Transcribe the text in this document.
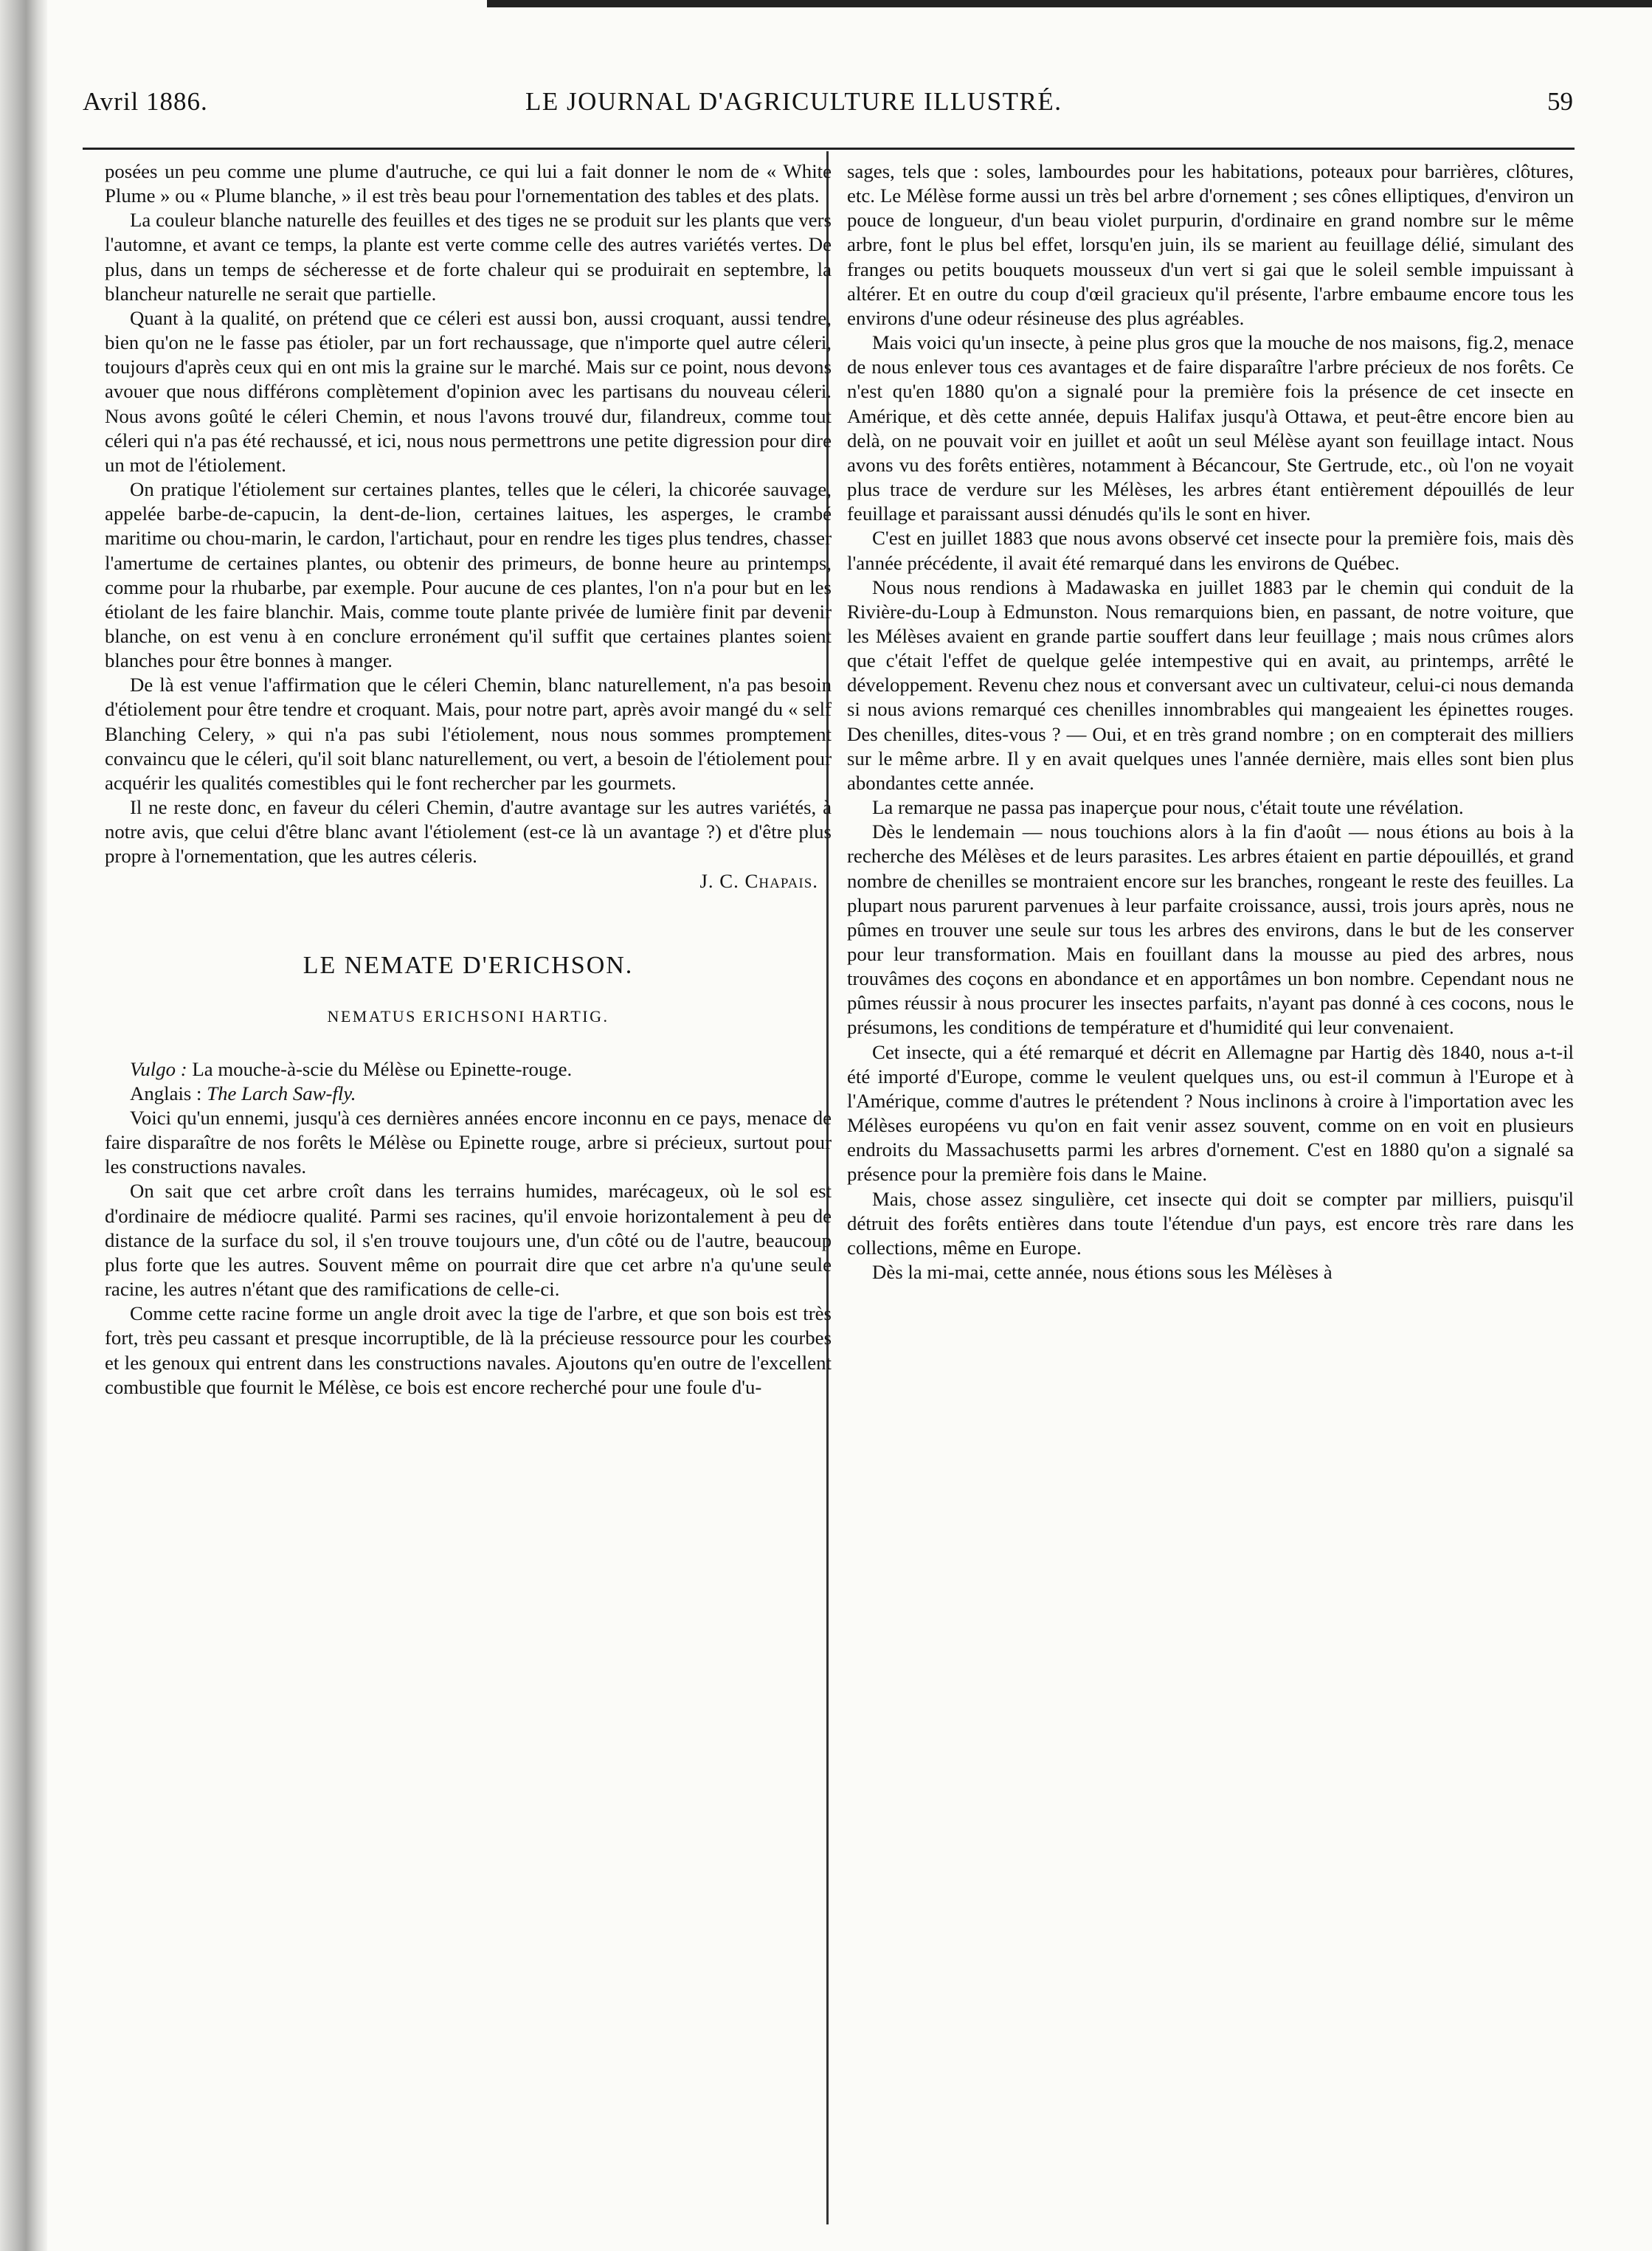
Avril 1886.	LE JOURNAL D'AGRICULTURE ILLUSTRÉ.	59

posées un peu comme une plume d'autruche, ce qui lui a fait donner le nom de « White Plume » ou « Plume blanche, » il est très beau pour l'ornementation des tables et des plats.

La couleur blanche naturelle des feuilles et des tiges ne se produit sur les plants que vers l'automne, et avant ce temps, la plante est verte comme celle des autres variétés vertes. De plus, dans un temps de sécheresse et de forte chaleur qui se produirait en septembre, la blancheur naturelle ne serait que partielle.

Quant à la qualité, on prétend que ce céleri est aussi bon, aussi croquant, aussi tendre, bien qu'on ne le fasse pas étioler, par un fort rechaussage, que n'importe quel autre céleri, toujours d'après ceux qui en ont mis la graine sur le marché. Mais sur ce point, nous devons avouer que nous différons complètement d'opinion avec les partisans du nouveau céleri. Nous avons goûté le céleri Chemin, et nous l'avons trouvé dur, filandreux, comme tout céleri qui n'a pas été rechaussé, et ici, nous nous permettrons une petite digression pour dire un mot de l'étiolement.

On pratique l'étiolement sur certaines plantes, telles que le céleri, la chicorée sauvage, appelée barbe-de-capucin, la dent-de-lion, certaines laitues, les asperges, le crambé maritime ou chou-marin, le cardon, l'artichaut, pour en rendre les tiges plus tendres, chasser l'amertume de certaines plantes, ou obtenir des primeurs, de bonne heure au printemps, comme pour la rhubarbe, par exemple. Pour aucune de ces plantes, l'on n'a pour but en les étiolant de les faire blanchir. Mais, comme toute plante privée de lumière finit par devenir blanche, on est venu à en conclure erronément qu'il suffit que certaines plantes soient blanches pour être bonnes à manger.

De là est venue l'affirmation que le céleri Chemin, blanc naturellement, n'a pas besoin d'étiolement pour être tendre et croquant. Mais, pour notre part, après avoir mangé du « self Blanching Celery, » qui n'a pas subi l'étiolement, nous nous sommes promptement convaincu que le céleri, qu'il soit blanc naturellement, ou vert, a besoin de l'étiolement pour acquérir les qualités comestibles qui le font rechercher par les gourmets.

Il ne reste donc, en faveur du céleri Chemin, d'autre avantage sur les autres variétés, à notre avis, que celui d'être blanc avant l'étiolement (est-ce là un avantage ?) et d'être plus propre à l'ornementation, que les autres céleris.

J. C. Chapais.

LE NEMATE D'ERICHSON.
NEMATUS ERICHSONI HARTIG.

Vulgo : La mouche-à-scie du Mélèse ou Epinette-rouge.

Anglais : The Larch Saw-fly.

Voici qu'un ennemi, jusqu'à ces dernières années encore inconnu en ce pays, menace de faire disparaître de nos forêts le Mélèse ou Epinette rouge, arbre si précieux, surtout pour les constructions navales.

On sait que cet arbre croît dans les terrains humides, marécageux, où le sol est d'ordinaire de médiocre qualité. Parmi ses racines, qu'il envoie horizontalement à peu de distance de la surface du sol, il s'en trouve toujours une, d'un côté ou de l'autre, beaucoup plus forte que les autres. Souvent même on pourrait dire que cet arbre n'a qu'une seule racine, les autres n'étant que des ramifications de celle-ci.

Comme cette racine forme un angle droit avec la tige de l'arbre, et que son bois est très fort, très peu cassant et presque incorruptible, de là la précieuse ressource pour les courbes et les genoux qui entrent dans les constructions navales. Ajoutons qu'en outre de l'excellent combustible que fournit le Mélèse, ce bois est encore recherché pour une foule d'u-

sages, tels que : soles, lambourdes pour les habitations, poteaux pour barrières, clôtures, etc. Le Mélèse forme aussi un très bel arbre d'ornement ; ses cônes elliptiques, d'environ un pouce de longueur, d'un beau violet purpurin, d'ordinaire en grand nombre sur le même arbre, font le plus bel effet, lorsqu'en juin, ils se marient au feuillage délié, simulant des franges ou petits bouquets mousseux d'un vert si gai que le soleil semble impuissant à altérer. Et en outre du coup d'œil gracieux qu'il présente, l'arbre embaume encore tous les environs d'une odeur résineuse des plus agréables.

Mais voici qu'un insecte, à peine plus gros que la mouche de nos maisons, fig.2, menace de nous enlever tous ces avantages et de faire disparaître l'arbre précieux de nos forêts. Ce n'est qu'en 1880 qu'on a signalé pour la première fois la présence de cet insecte en Amérique, et dès cette année, depuis Halifax jusqu'à Ottawa, et peut-être encore bien au delà, on ne pouvait voir en juillet et août un seul Mélèse ayant son feuillage intact. Nous avons vu des forêts entières, notamment à Bécancour, Ste Gertrude, etc., où l'on ne voyait plus trace de verdure sur les Mélèses, les arbres étant entièrement dépouillés de leur feuillage et paraissant aussi dénudés qu'ils le sont en hiver.

C'est en juillet 1883 que nous avons observé cet insecte pour la première fois, mais dès l'année précédente, il avait été remarqué dans les environs de Québec.

Nous nous rendions à Madawaska en juillet 1883 par le chemin qui conduit de la Rivière-du-Loup à Edmunston. Nous remarquions bien, en passant, de notre voiture, que les Mélèses avaient en grande partie souffert dans leur feuillage ; mais nous crûmes alors que c'était l'effet de quelque gelée intempestive qui en avait, au printemps, arrêté le développement. Revenu chez nous et conversant avec un cultivateur, celui-ci nous demanda si nous avions remarqué ces chenilles innombrables qui mangeaient les épinettes rouges. Des chenilles, dites-vous ? — Oui, et en très grand nombre ; on en compterait des milliers sur le même arbre. Il y en avait quelques unes l'année dernière, mais elles sont bien plus abondantes cette année.

La remarque ne passa pas inaperçue pour nous, c'était toute une révélation.

Dès le lendemain — nous touchions alors à la fin d'août — nous étions au bois à la recherche des Mélèses et de leurs parasites. Les arbres étaient en partie dépouillés, et grand nombre de chenilles se montraient encore sur les branches, rongeant le reste des feuilles. La plupart nous parurent parvenues à leur parfaite croissance, aussi, trois jours après, nous ne pûmes en trouver une seule sur tous les arbres des environs, dans le but de les conserver pour leur transformation. Mais en fouillant dans la mousse au pied des arbres, nous trouvâmes des coçons en abondance et en apportâmes un bon nombre. Cependant nous ne pûmes réussir à nous procurer les insectes parfaits, n'ayant pas donné à ces cocons, nous le présumons, les conditions de température et d'humidité qui leur convenaient.

Cet insecte, qui a été remarqué et décrit en Allemagne par Hartig dès 1840, nous a-t-il été importé d'Europe, comme le veulent quelques uns, ou est-il commun à l'Europe et à l'Amérique, comme d'autres le prétendent ? Nous inclinons à croire à l'importation avec les Mélèses européens vu qu'on en fait venir assez souvent, comme on en voit en plusieurs endroits du Massachusetts parmi les arbres d'ornement. C'est en 1880 qu'on a signalé sa présence pour la première fois dans le Maine.

Mais, chose assez singulière, cet insecte qui doit se compter par milliers, puisqu'il détruit des forêts entières dans toute l'étendue d'un pays, est encore très rare dans les collections, même en Europe.

Dès la mi-mai, cette année, nous étions sous les Mélèses à
